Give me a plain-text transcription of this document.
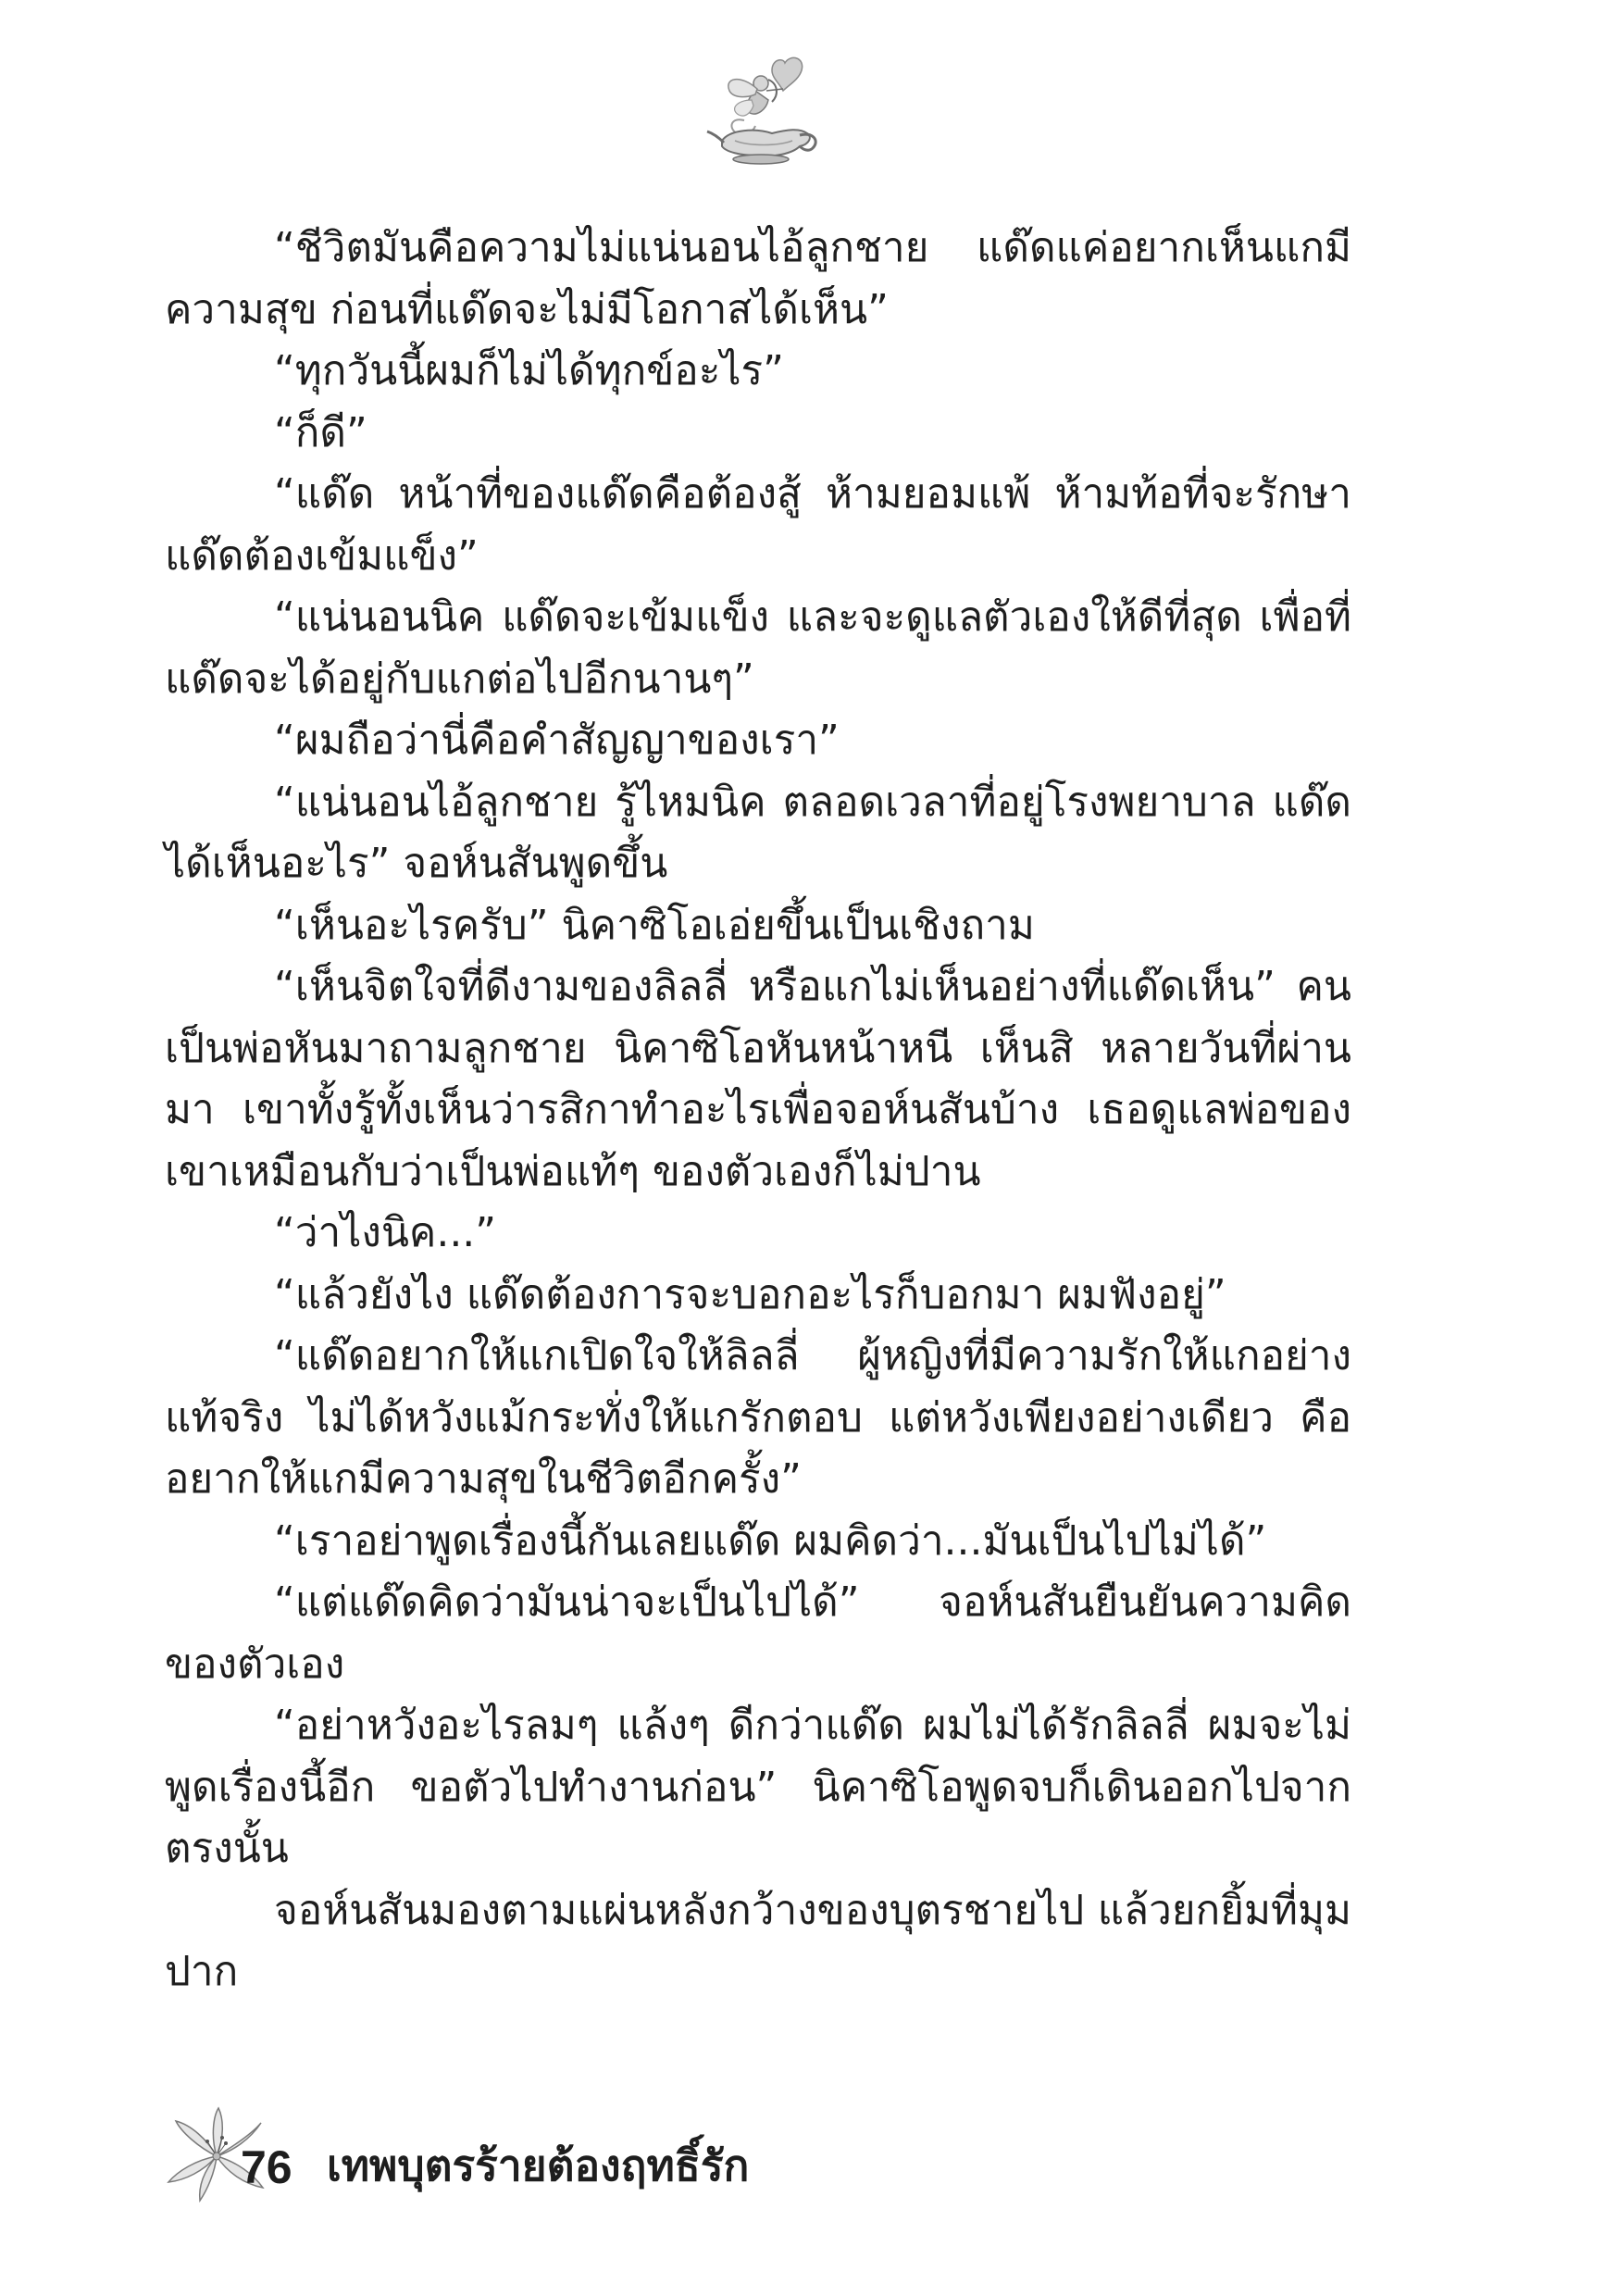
“ชีวิตมันคือความไม่แน่นอนไอ้ลูกชาย แด๊ดแค่อยากเห็นแกมีความสุข ก่อนที่แด๊ดจะไม่มีโอกาสได้เห็น”

“ทุกวันนี้ผมก็ไม่ได้ทุกข์อะไร”

“ก็ดี”

“แด๊ด หน้าที่ของแด๊ดคือต้องสู้ ห้ามยอมแพ้ ห้ามท้อที่จะรักษา แด๊ดต้องเข้มแข็ง”

“แน่นอนนิค แด๊ดจะเข้มแข็ง และจะดูแลตัวเองให้ดีที่สุด เพื่อที่แด๊ดจะได้อยู่กับแกต่อไปอีกนานๆ”

“ผมถือว่านี่คือคำสัญญาของเรา”

“แน่นอนไอ้ลูกชาย รู้ไหมนิค ตลอดเวลาที่อยู่โรงพยาบาล แด๊ดได้เห็นอะไร” จอห์นสันพูดขึ้น

“เห็นอะไรครับ” นิคาซิโอเอ่ยขึ้นเป็นเชิงถาม

“เห็นจิตใจที่ดีงามของลิลลี่ หรือแกไม่เห็นอย่างที่แด๊ดเห็น” คนเป็นพ่อหันมาถามลูกชาย นิคาซิโอหันหน้าหนี เห็นสิ หลายวันที่ผ่านมา เขาทั้งรู้ทั้งเห็นว่ารสิกาทำอะไรเพื่อจอห์นสันบ้าง เธอดูแลพ่อของเขาเหมือนกับว่าเป็นพ่อแท้ๆ ของตัวเองก็ไม่ปาน

“ว่าไงนิค...”

“แล้วยังไง แด๊ดต้องการจะบอกอะไรก็บอกมา ผมฟังอยู่”

“แด๊ดอยากให้แกเปิดใจให้ลิลลี่ ผู้หญิงที่มีความรักให้แกอย่างแท้จริง ไม่ได้หวังแม้กระทั่งให้แกรักตอบ แต่หวังเพียงอย่างเดียว คืออยากให้แกมีความสุขในชีวิตอีกครั้ง”

“เราอย่าพูดเรื่องนี้กันเลยแด๊ด ผมคิดว่า...มันเป็นไปไม่ได้”

“แต่แด๊ดคิดว่ามันน่าจะเป็นไปได้” จอห์นสันยืนยันความคิดของตัวเอง

“อย่าหวังอะไรลมๆ แล้งๆ ดีกว่าแด๊ด ผมไม่ได้รักลิลลี่ ผมจะไม่พูดเรื่องนี้อีก ขอตัวไปทำงานก่อน” นิคาซิโอพูดจบก็เดินออกไปจากตรงนั้น

จอห์นสันมองตามแผ่นหลังกว้างของบุตรชายไป แล้วยกยิ้มที่มุมปาก

76 เทพบุตรร้ายต้องฤทธิ์รัก
